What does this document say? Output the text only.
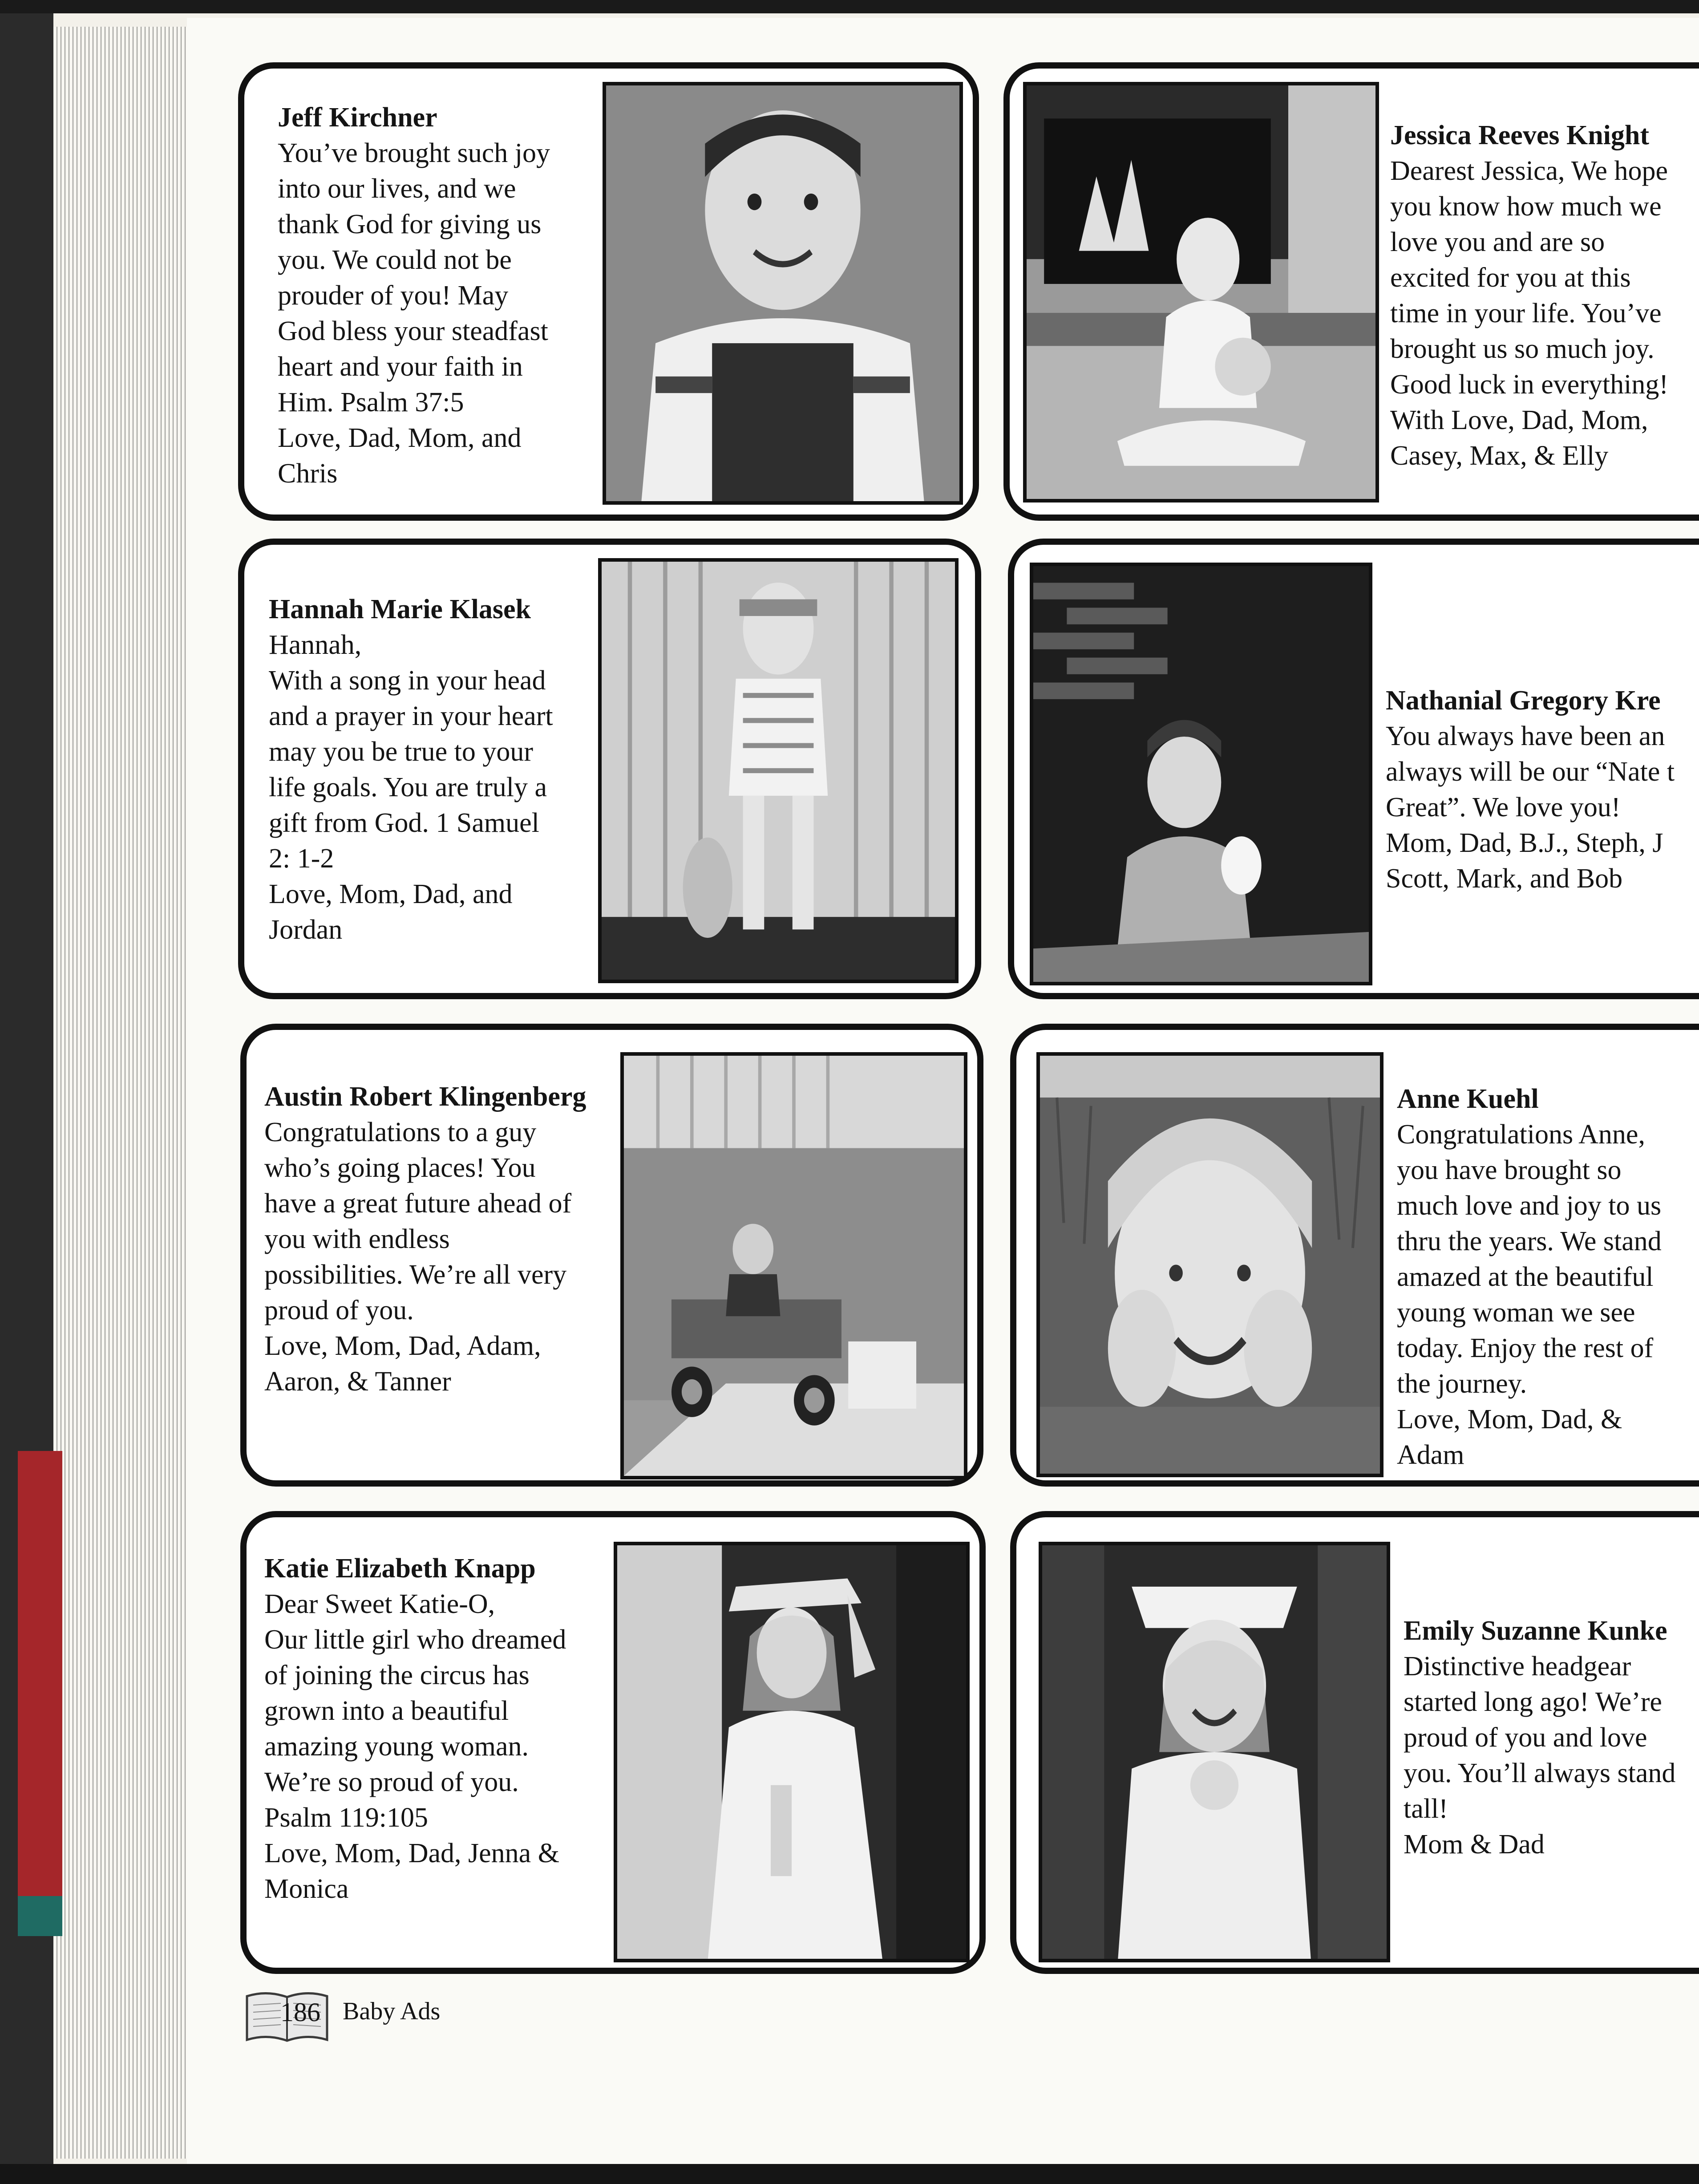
Jeff Kirchner
You’ve brought such joy
into our lives, and we
thank God for giving us
you. We could not be
prouder of you! May
God bless your steadfast
heart and your faith in
Him. Psalm 37:5
Love, Dad, Mom, and
Chris
Jessica Reeves Knight
Dearest Jessica, We hope
you know how much we
love you and are so
excited for you at this
time in your life. You’ve
brought us so much joy.
Good luck in everything!
With Love, Dad, Mom,
Casey, Max, & Elly
Hannah Marie Klasek
Hannah,
With a song in your head
and a prayer in your heart
may you be true to your
life goals. You are truly a
gift from God. 1 Samuel
2: 1-2
Love, Mom, Dad, and
Jordan
Nathanial Gregory Kre
You always have been an
always will be our “Nate t
Great”. We love you!
Mom, Dad, B.J., Steph, J
Scott, Mark, and Bob
Austin Robert Klingenberg
Congratulations to a guy
who’s going places! You
have a great future ahead of
you with endless
possibilities. We’re all very
proud of you.
Love, Mom, Dad, Adam,
Aaron, & Tanner
Anne Kuehl
Congratulations Anne,
you have brought so
much love and joy to us
thru the years. We stand
amazed at the beautiful
young woman we see
today. Enjoy the rest of
the journey.
Love, Mom, Dad, &
Adam
Katie Elizabeth Knapp
Dear Sweet Katie-O,
Our little girl who dreamed
of joining the circus has
grown into a beautiful
amazing young woman.
We’re so proud of you.
Psalm 119:105
Love, Mom, Dad, Jenna &
Monica
Emily Suzanne Kunke
Distinctive headgear
started long ago! We’re
proud of you and love
you. You’ll always stand
tall!
Mom & Dad
186 Baby Ads
